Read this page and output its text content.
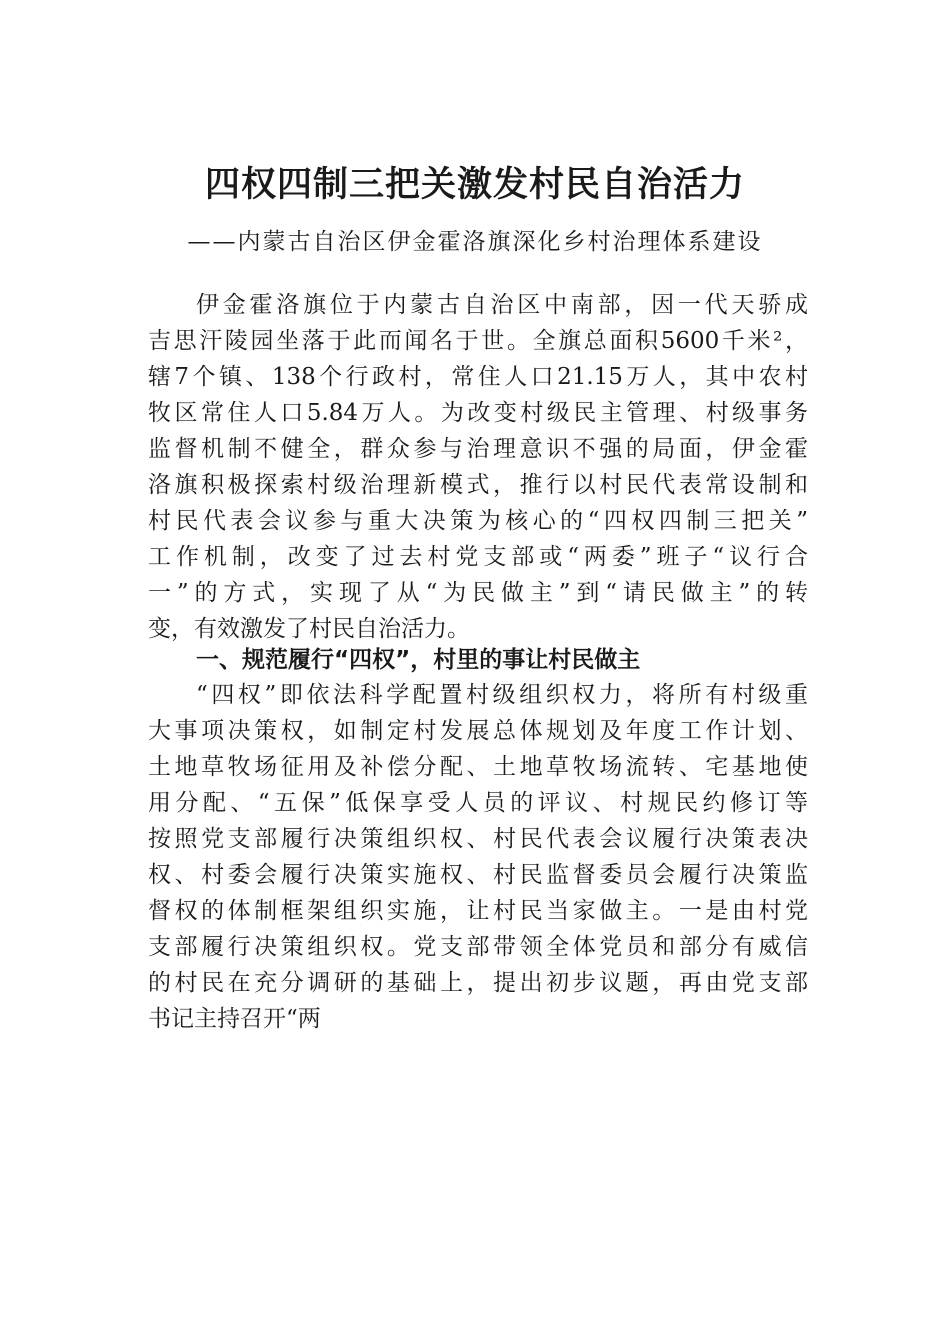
四权四制三把关激发村民自治活力
——内蒙古自治区伊金霍洛旗深化乡村治理体系建设
伊金霍洛旗位于内蒙古自治区中南部，因一代天骄成
吉思汗陵园坐落于此而闻名于世。全旗总面积5600千米²，
辖7个镇、138个行政村，常住人口21.15万人，其中农村
牧区常住人口5.84万人。为改变村级民主管理、村级事务
监督机制不健全，群众参与治理意识不强的局面，伊金霍
洛旗积极探索村级治理新模式，推行以村民代表常设制和
村民代表会议参与重大决策为核心的“四权四制三把关”
工作机制，改变了过去村党支部或“两委”班子“议行合
一”的方式，实现了从“为民做主”到“请民做主”的转
变，有效激发了村民自治活力。
一、规范履行“四权”，村里的事让村民做主
“四权”即依法科学配置村级组织权力，将所有村级重
大事项决策权，如制定村发展总体规划及年度工作计划、
土地草牧场征用及补偿分配、土地草牧场流转、宅基地使
用分配、“五保”低保享受人员的评议、村规民约修订等
按照党支部履行决策组织权、村民代表会议履行决策表决
权、村委会履行决策实施权、村民监督委员会履行决策监
督权的体制框架组织实施，让村民当家做主。一是由村党
支部履行决策组织权。党支部带领全体党员和部分有威信
的村民在充分调研的基础上，提出初步议题，再由党支部
书记主持召开“两
